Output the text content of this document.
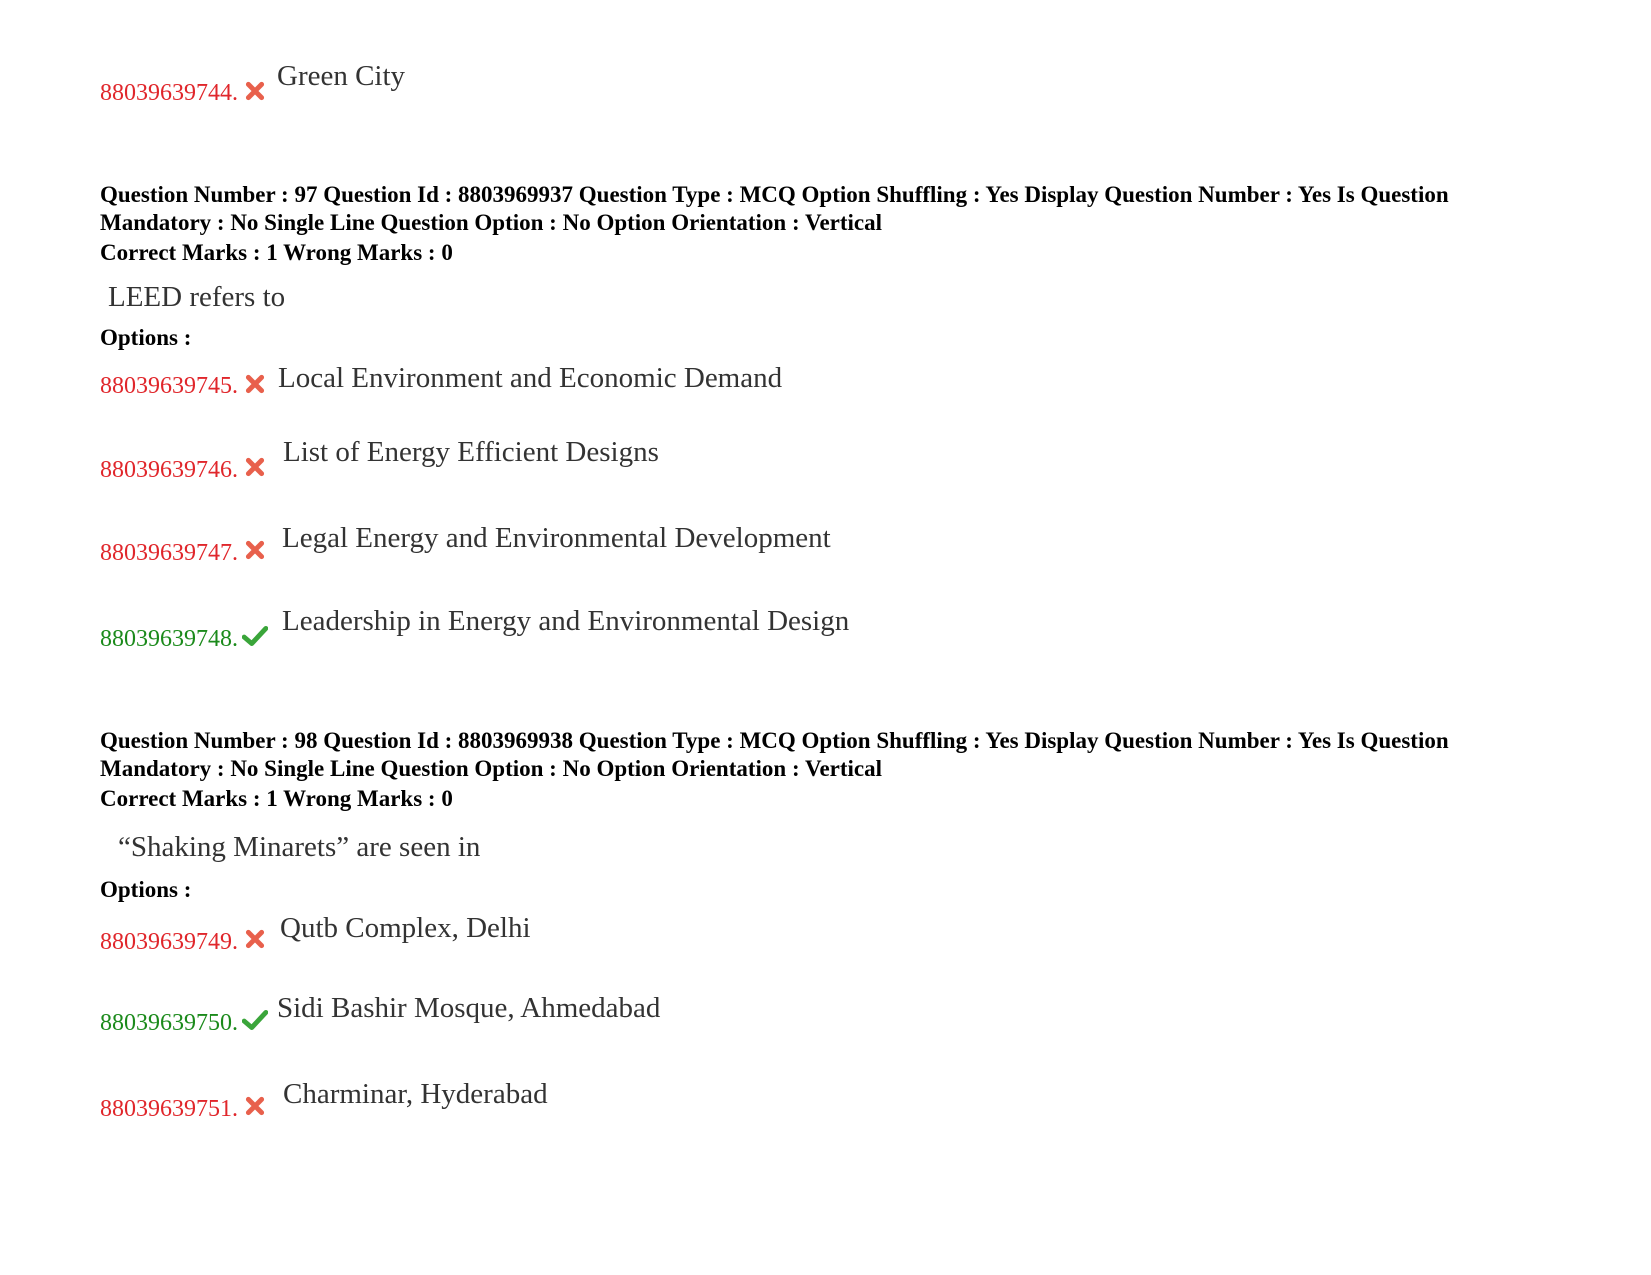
88039639744.
Green City
Question Number : 97 Question Id : 8803969937 Question Type : MCQ Option Shuffling : Yes Display Question Number : Yes Is Question Mandatory : No Single Line Question Option : No Option Orientation : Vertical
Correct Marks : 1 Wrong Marks : 0
LEED refers to
Options :
88039639745. Local Environment and Economic Demand
88039639746.
List of Energy Efficient Designs
88039639747. Legal Energy and Environmental Development
88039639748.
Leadership in Energy and Environmental Design
Question Number : 98 Question Id : 8803969938 Question Type : MCQ Option Shuffling : Yes Display Question Number : Yes Is Question Mandatory : No Single Line Question Option : No Option Orientation : Vertical
Correct Marks : 1 Wrong Marks : 0
“Shaking Minarets” are seen in
Options :
88039639749. Qutb Complex, Delhi
88039639750. Sidi Bashir Mosque, Ahmedabad
88039639751. Charminar, Hyderabad
